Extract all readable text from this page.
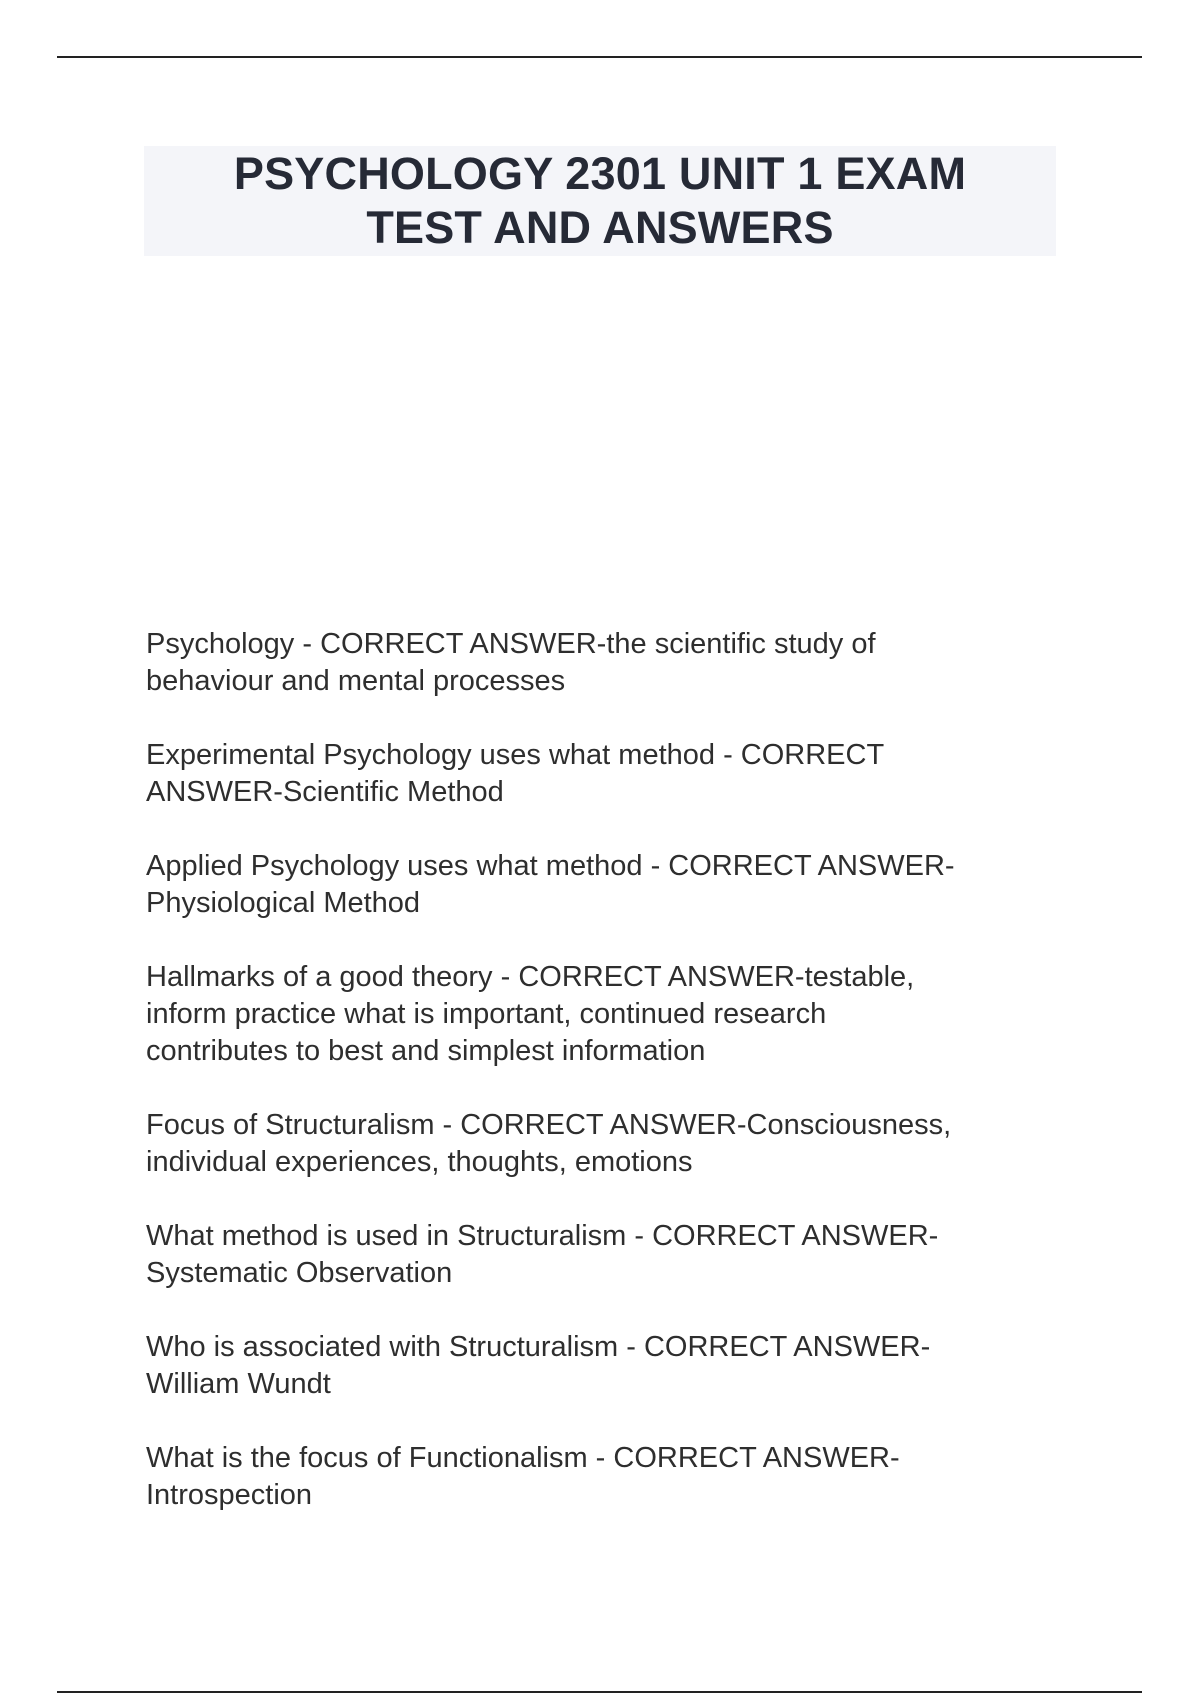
PSYCHOLOGY 2301 UNIT 1 EXAM
TEST AND ANSWERS
Psychology - CORRECT ANSWER-the scientific study of
behaviour and mental processes
Experimental Psychology uses what method - CORRECT
ANSWER-Scientific Method
Applied Psychology uses what method - CORRECT ANSWER-
Physiological Method
Hallmarks of a good theory - CORRECT ANSWER-testable,
inform practice what is important, continued research
contributes to best and simplest information
Focus of Structuralism - CORRECT ANSWER-Consciousness,
individual experiences, thoughts, emotions
What method is used in Structuralism - CORRECT ANSWER-
Systematic Observation
Who is associated with Structuralism - CORRECT ANSWER-
William Wundt
What is the focus of Functionalism - CORRECT ANSWER-
Introspection
